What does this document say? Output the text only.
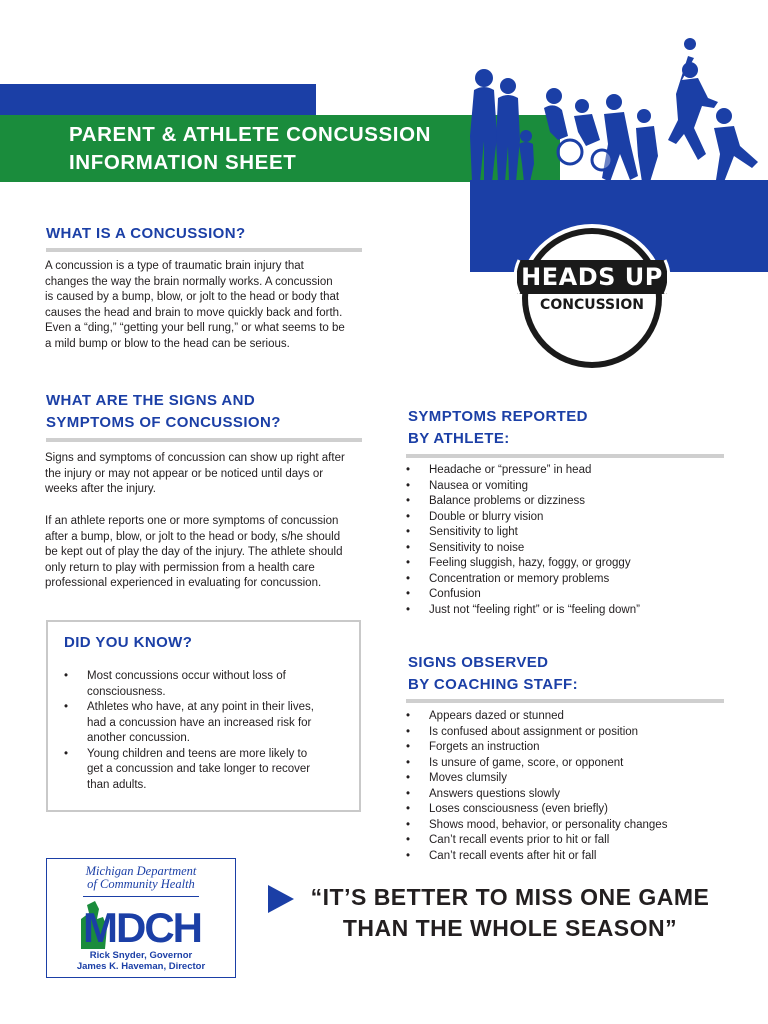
PARENT & ATHLETE CONCUSSION
INFORMATION SHEET
HEADS UP
CONCUSSION
WHAT IS A CONCUSSION?
A concussion is a type of traumatic brain injury that
changes the way the brain normally works. A concussion
is caused by a bump, blow, or jolt to the head or body that
causes the head and brain to move quickly back and forth.
Even a “ding,” “getting your bell rung,” or what seems to be
a mild bump or blow to the head can be serious.
WHAT ARE THE SIGNS AND
SYMPTOMS OF CONCUSSION?
Signs and symptoms of concussion can show up right after
the injury or may not appear or be noticed until days or
weeks after the injury.
If an athlete reports one or more symptoms of concussion
after a bump, blow, or jolt to the head or body, s/he should
be kept out of play the day of the injury. The athlete should
only return to play with permission from a health care
professional experienced in evaluating for concussion.
DID YOU KNOW?
• Most concussions occur without loss of
consciousness.
• Athletes who have, at any point in their lives,
had a concussion have an increased risk for
another concussion.
• Young children and teens are more likely to
get a concussion and take longer to recover
than adults.
SYMPTOMS REPORTED
BY ATHLETE:
• Headache or “pressure” in head
• Nausea or vomiting
• Balance problems or dizziness
• Double or blurry vision
• Sensitivity to light
• Sensitivity to noise
• Feeling sluggish, hazy, foggy, or groggy
• Concentration or memory problems
• Confusion
• Just not “feeling right” or is “feeling down”
SIGNS OBSERVED
BY COACHING STAFF:
• Appears dazed or stunned
• Is confused about assignment or position
• Forgets an instruction
• Is unsure of game, score, or opponent
• Moves clumsily
• Answers questions slowly
• Loses consciousness (even briefly)
• Shows mood, behavior, or personality changes
• Can’t recall events prior to hit or fall
• Can’t recall events after hit or fall
Michigan Department
of Community Health
MDCH
Rick Snyder, Governor
James K. Haveman, Director
“IT’S BETTER TO MISS ONE GAME
THAN THE WHOLE SEASON”
